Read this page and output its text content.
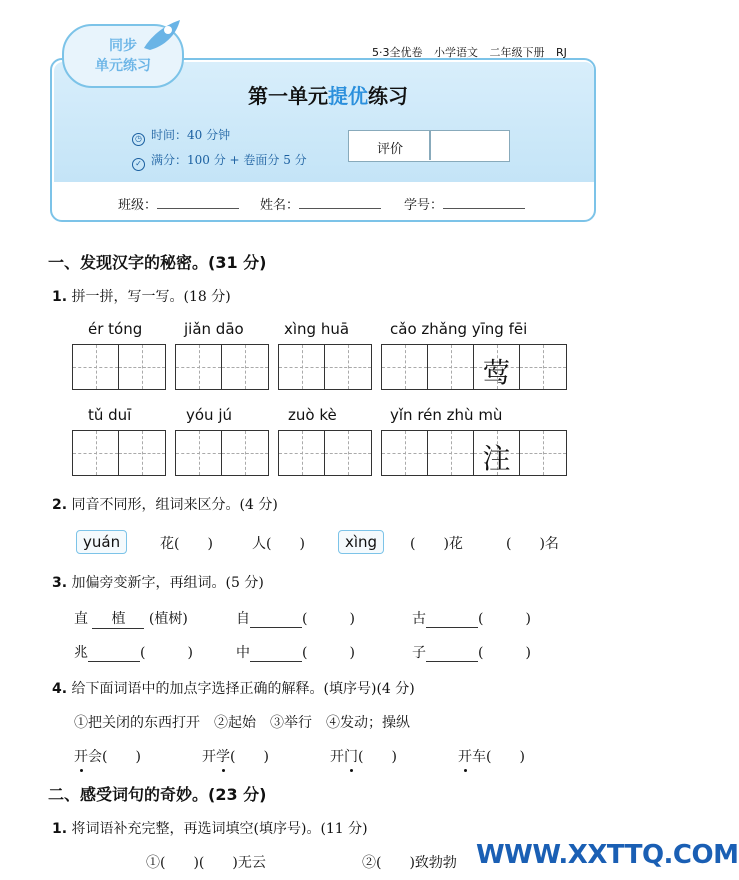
同步
单元练习
5·3全优卷 小学语文 二年级下册 RJ
第一单元提优练习
◷ 时间：40 分钟
✓ 满分：100 分 + 卷面分 5 分
评价
班级：	姓名：	学号：
一、发现汉字的秘密。(31 分)
1. 拼一拼，写一写。(18 分)
ér tóng	jiǎn dāo	xìng huā	cǎo zhǎng yīng fēi
莺
tǔ duī	yóu jú	zuò kè	yǐn rén zhù mù
注
2. 同音不同形，组词来区分。(4 分)
yuán	花(　　)	人(　　)	xìng	(　　)花	(　　)名
3. 加偏旁变新字，再组词。(5 分)
直 植 (植树)	自	(　　　)	古	(　　　)
兆	(　　　)	中	(　　　)	子	(　　　)
4. 给下面词语中的加点字选择正确的解释。(填序号)(4 分)
①把关闭的东西打开　②起始　③举行　④发动；操纵
开会(　　)	开学(　　)	开门(　　)	开车(　　)
二、感受词句的奇妙。(23 分)
1. 将词语补充完整，再选词填空(填序号)。(11 分)
①(　　)(　　)无云	②(　　)致勃勃 WWW.XXTTQ.COM
